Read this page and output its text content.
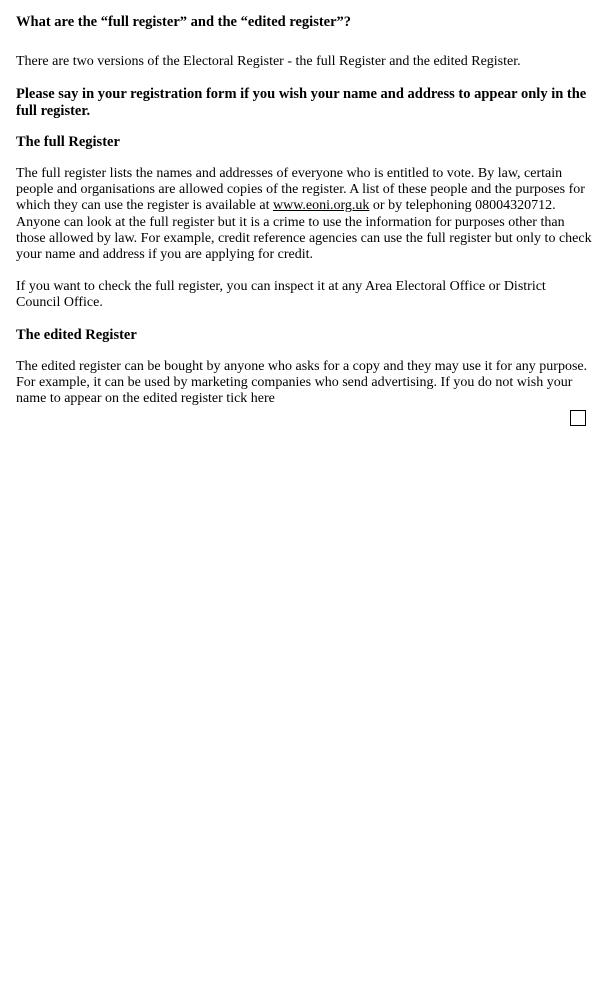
What are the “full register” and the “edited register”?

There are two versions of the Electoral Register - the full Register and the edited Register.

Please say in your registration form if you wish your name and address to appear only in the full register.

The full Register

The full register lists the names and addresses of everyone who is entitled to vote. By law, certain people and organisations are allowed copies of the register. A list of these people and the purposes for which they can use the register is available at www.eoni.org.uk or by telephoning 08004320712. Anyone can look at the full register but it is a crime to use the information for purposes other than those allowed by law. For example, credit reference agencies can use the full register but only to check your name and address if you are applying for credit.

If you want to check the full register, you can inspect it at any Area Electoral Office or District Council Office.

The edited Register

The edited register can be bought by anyone who asks for a copy and they may use it for any purpose. For example, it can be used by marketing companies who send advertising. If you do not wish your name to appear on the edited register tick here
